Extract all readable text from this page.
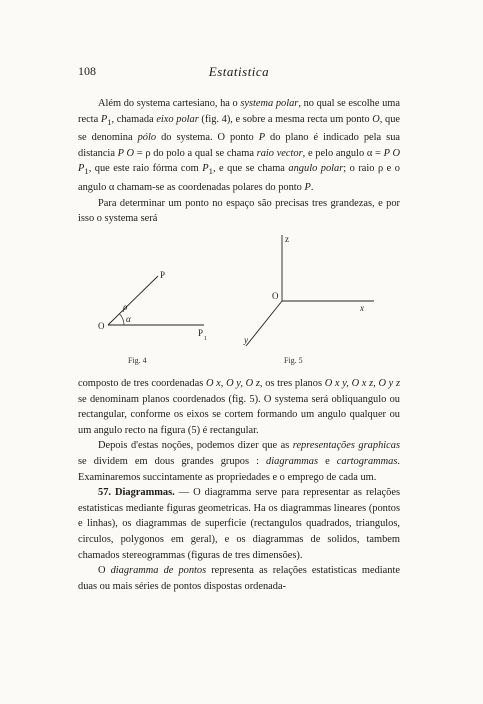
108	Estatistica

Além do systema cartesiano, ha o systema polar, no qual se escolhe uma recta $P_1$, chamada eixo polar (fig. 4), e sobre a mesma recta um ponto O, que se denomina pólo do systema. O ponto P do plano é indicado pela sua distancia P O = ρ do polo a qual se chama raio vector, e pelo angulo α = P O $P_1$, que este raio fórma com $P_1$, e que se chama angulo polar; o raio ρ e o angulo α chamam-se as coordenadas polares do ponto P.

Para determinar um ponto no espaço são precisas tres grandezas, e por isso o systema será

P
ρ
α
O
P
1
Fig. 4
z
O
x
y
Fig. 5

composto de tres coordenadas O x, O y, O z, os tres planos O x y, O x z, O y z se denominam planos coordenados (fig. 5). O systema será obliquangulo ou rectangular, conforme os eixos se cortem formando um angulo qualquer ou um angulo recto na figura (5) é rectangular.

Depois d'estas noções, podemos dizer que as representações graphicas se dividem em dous grandes grupos : diagrammas e cartogrammas. Examinaremos succintamente as propriedades e o emprego de cada um.

57. Diagrammas. — O diagramma serve para representar as relações estatisticas mediante figuras geometricas. Ha os diagrammas lineares (pontos e linhas), os diagrammas de superficie (rectangulos quadrados, triangulos, circulos, polygonos em geral), e os diagrammas de solidos, tambem chamados stereogrammas (figuras de tres dimensões).

O diagramma de pontos representa as relações estatisticas mediante duas ou mais séries de pontos dispostas ordenada-
